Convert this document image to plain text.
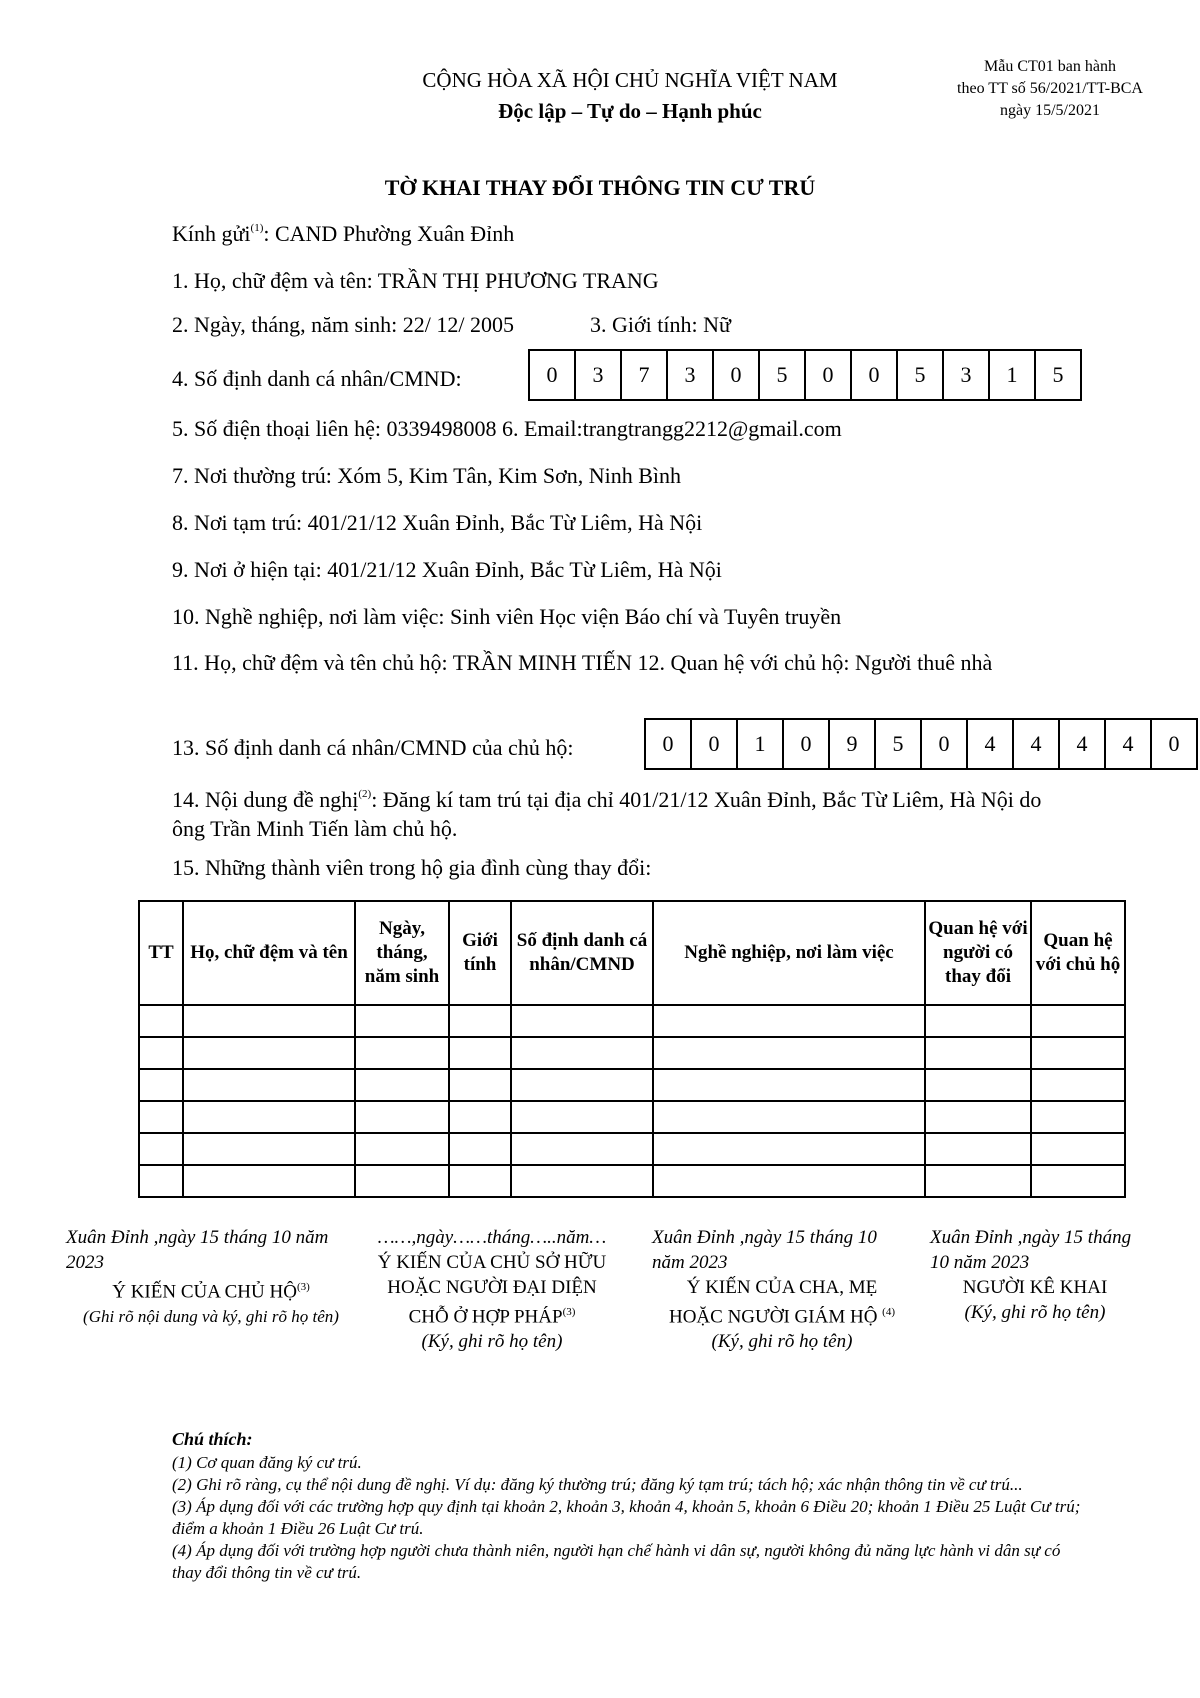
CỘNG HÒA XÃ HỘI CHỦ NGHĨA VIỆT NAM
Độc lập – Tự do – Hạnh phúc
Mẫu CT01 ban hành
theo TT số 56/2021/TT-BCA
ngày 15/5/2021
TỜ KHAI THAY ĐỔI THÔNG TIN CƯ TRÚ
Kính gửi$^{(1)}$: CAND Phường Xuân Đỉnh
1. Họ, chữ đệm và tên: TRẦN THỊ PHƯƠNG TRANG
2. Ngày, tháng, năm sinh: 22/ 12/ 2005	3. Giới tính: Nữ
4. Số định danh cá nhân/CMND:	0	3	7	3	0	5	0	0	5	3	1	5
5. Số điện thoại liên hệ: 0339498008 6. Email:trangtrangg2212@gmail.com
7. Nơi thường trú: Xóm 5, Kim Tân, Kim Sơn, Ninh Bình
8. Nơi tạm trú: 401/21/12 Xuân Đỉnh, Bắc Từ Liêm, Hà Nội
9. Nơi ở hiện tại: 401/21/12 Xuân Đỉnh, Bắc Từ Liêm, Hà Nội
10. Nghề nghiệp, nơi làm việc: Sinh viên Học viện Báo chí và Tuyên truyền
11. Họ, chữ đệm và tên chủ hộ: TRẦN MINH TIẾN 12. Quan hệ với chủ hộ: Người thuê nhà
13. Số định danh cá nhân/CMND của chủ hộ:	0	0	1	0	9	5	0	4	4	4	4	0
14. Nội dung đề nghị$^{(2)}$: Đăng kí tam trú tại địa chỉ 401/21/12 Xuân Đỉnh, Bắc Từ Liêm, Hà Nội do ông Trần Minh Tiến làm chủ hộ.
15. Những thành viên trong hộ gia đình cùng thay đổi:
TT	Họ, chữ đệm và tên	Ngày, tháng, năm sinh	Giới tính	Số định danh cá nhân/CMND	Nghề nghiệp, nơi làm việc	Quan hệ với người có thay đổi	Quan hệ với chủ hộ

Xuân Đỉnh ,ngày 15 tháng 10 năm 2023
Ý KIẾN CỦA CHỦ HỘ$^{(3)}$
(Ghi rõ nội dung và ký, ghi rõ họ tên)
……,ngày……tháng…..năm…
Ý KIẾN CỦA CHỦ SỞ HỮU HOẶC NGƯỜI ĐẠI DIỆN CHỖ Ở HỢP PHÁP$^{(3)}$
(Ký, ghi rõ họ tên)
Xuân Đỉnh ,ngày 15 tháng 10 năm 2023
Ý KIẾN CỦA CHA, MẸ HOẶC NGƯỜI GIÁM HỘ $^{(4)}$
(Ký, ghi rõ họ tên)
Xuân Đỉnh ,ngày 15 tháng 10 năm 2023
NGƯỜI KÊ KHAI
(Ký, ghi rõ họ tên)
Chú thích:
(1) Cơ quan đăng ký cư trú.
(2) Ghi rõ ràng, cụ thể nội dung đề nghị. Ví dụ: đăng ký thường trú; đăng ký tạm trú; tách hộ; xác nhận thông tin về cư trú...
(3) Áp dụng đối với các trường hợp quy định tại khoản 2, khoản 3, khoản 4, khoản 5, khoản 6 Điều 20; khoản 1 Điều 25 Luật Cư trú; điểm a khoản 1 Điều 26 Luật Cư trú.
(4) Áp dụng đối với trường hợp người chưa thành niên, người hạn chế hành vi dân sự, người không đủ năng lực hành vi dân sự có thay đổi thông tin về cư trú.
